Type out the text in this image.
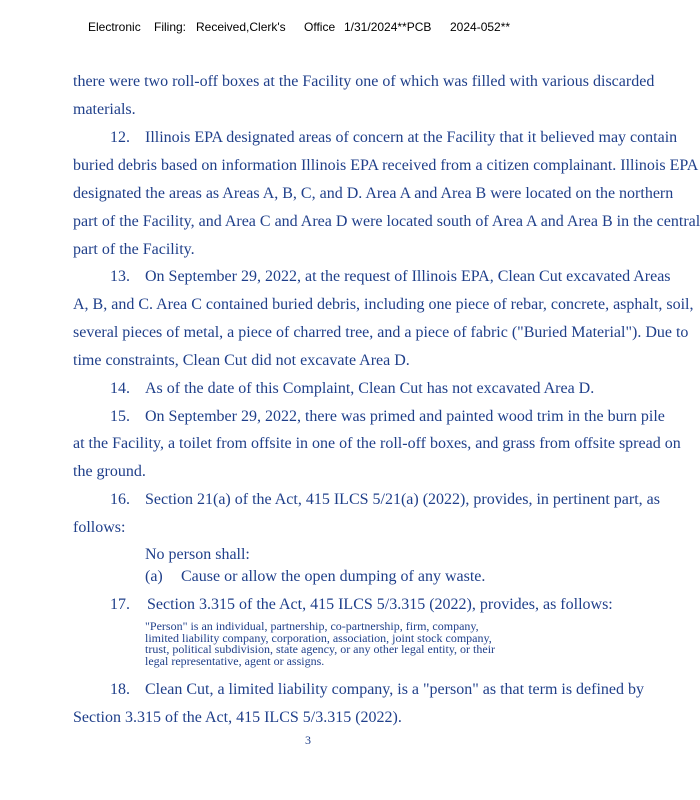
Electronic Filing: Received,Clerk's Office 1/31/2024**PCB 2024-052**
there were two roll-off boxes at the Facility one of which was filled with various discarded
materials.
12. Illinois EPA designated areas of concern at the Facility that it believed may contain
buried debris based on information Illinois EPA received from a citizen complainant. Illinois EPA
designated the areas as Areas A, B, C, and D. Area A and Area B were located on the northern
part of the Facility, and Area C and Area D were located south of Area A and Area B in the central
part of the Facility.
13. On September 29, 2022, at the request of Illinois EPA, Clean Cut excavated Areas
A, B, and C. Area C contained buried debris, including one piece of rebar, concrete, asphalt, soil,
several pieces of metal, a piece of charred tree, and a piece of fabric ("Buried Material"). Due to
time constraints, Clean Cut did not excavate Area D.
14. As of the date of this Complaint, Clean Cut has not excavated Area D.
15. On September 29, 2022, there was primed and painted wood trim in the burn pile
at the Facility, a toilet from offsite in one of the roll-off boxes, and grass from offsite spread on
the ground.
16. Section 21(a) of the Act, 415 ILCS 5/21(a) (2022), provides, in pertinent part, as
follows:
No person shall:
(a) Cause or allow the open dumping of any waste.
17. Section 3.315 of the Act, 415 ILCS 5/3.315 (2022), provides, as follows:
"Person" is an individual, partnership, co-partnership, firm, company,
limited liability company, corporation, association, joint stock company,
trust, political subdivision, state agency, or any other legal entity, or their
legal representative, agent or assigns.
18. Clean Cut, a limited liability company, is a "person" as that term is defined by
Section 3.315 of the Act, 415 ILCS 5/3.315 (2022).
3
